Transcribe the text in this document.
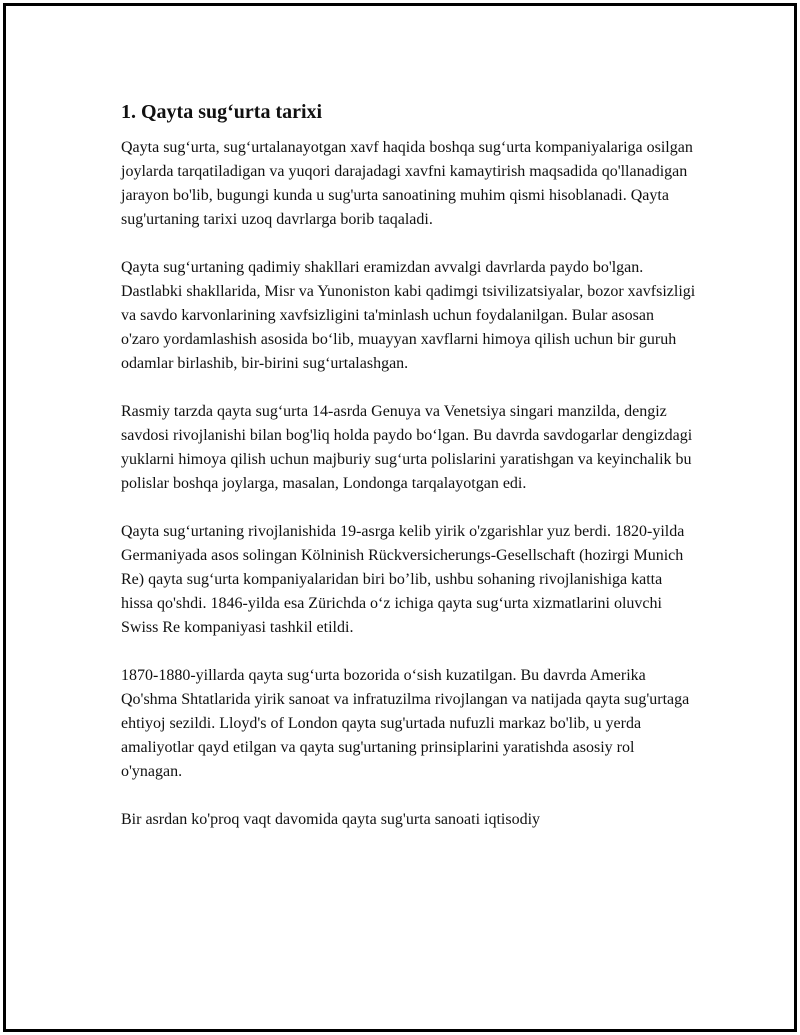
1. Qayta sug‘urta tarixi

Qayta sug‘urta, sug‘urtalanayotgan xavf haqida boshqa sug‘urta kompaniyalariga osilgan joylarda tarqatiladigan va yuqori darajadagi xavfni kamaytirish maqsadida qo'llanadigan jarayon bo'lib, bugungi kunda u sug'urta sanoatining muhim qismi hisoblanadi. Qayta sug'urtaning tarixi uzoq davrlarga borib taqaladi.

Qayta sug‘urtaning qadimiy shakllari eramizdan avvalgi davrlarda paydo bo'lgan. Dastlabki shakllarida, Misr va Yunoniston kabi qadimgi tsivilizatsiyalar, bozor xavfsizligi va savdo karvonlarining xavfsizligini ta'minlash uchun foydalanilgan. Bular asosan o'zaro yordamlashish asosida bo‘lib, muayyan xavflarni himoya qilish uchun bir guruh odamlar birlashib, bir-birini sug‘urtalashgan.

Rasmiy tarzda qayta sug‘urta 14-asrda Genuya va Venetsiya singari manzilda, dengiz savdosi rivojlanishi bilan bog'liq holda paydo bo‘lgan. Bu davrda savdogarlar dengizdagi yuklarni himoya qilish uchun majburiy sug‘urta polislarini yaratishgan va keyinchalik bu polislar boshqa joylarga, masalan, Londonga tarqalayotgan edi.

Qayta sug‘urtaning rivojlanishida 19-asrga kelib yirik o'zgarishlar yuz berdi. 1820-yilda Germaniyada asos solingan Kölninish Rückversicherungs-Gesellschaft (hozirgi Munich Re) qayta sug‘urta kompaniyalaridan biri bo’lib, ushbu sohaning rivojlanishiga katta hissa qo'shdi. 1846-yilda esa Zürichda o‘z ichiga qayta sug‘urta xizmatlarini oluvchi Swiss Re kompaniyasi tashkil etildi.

1870-1880-yillarda qayta sug‘urta bozorida o‘sish kuzatilgan. Bu davrda Amerika Qo'shma Shtatlarida yirik sanoat va infratuzilma rivojlangan va natijada qayta sug'urtaga ehtiyoj sezildi. Lloyd's of London qayta sug'urtada nufuzli markaz bo'lib, u yerda amaliyotlar qayd etilgan va qayta sug'urtaning prinsiplarini yaratishda asosiy rol o'ynagan.

Bir asrdan ko'proq vaqt davomida qayta sug'urta sanoati iqtisodiy
